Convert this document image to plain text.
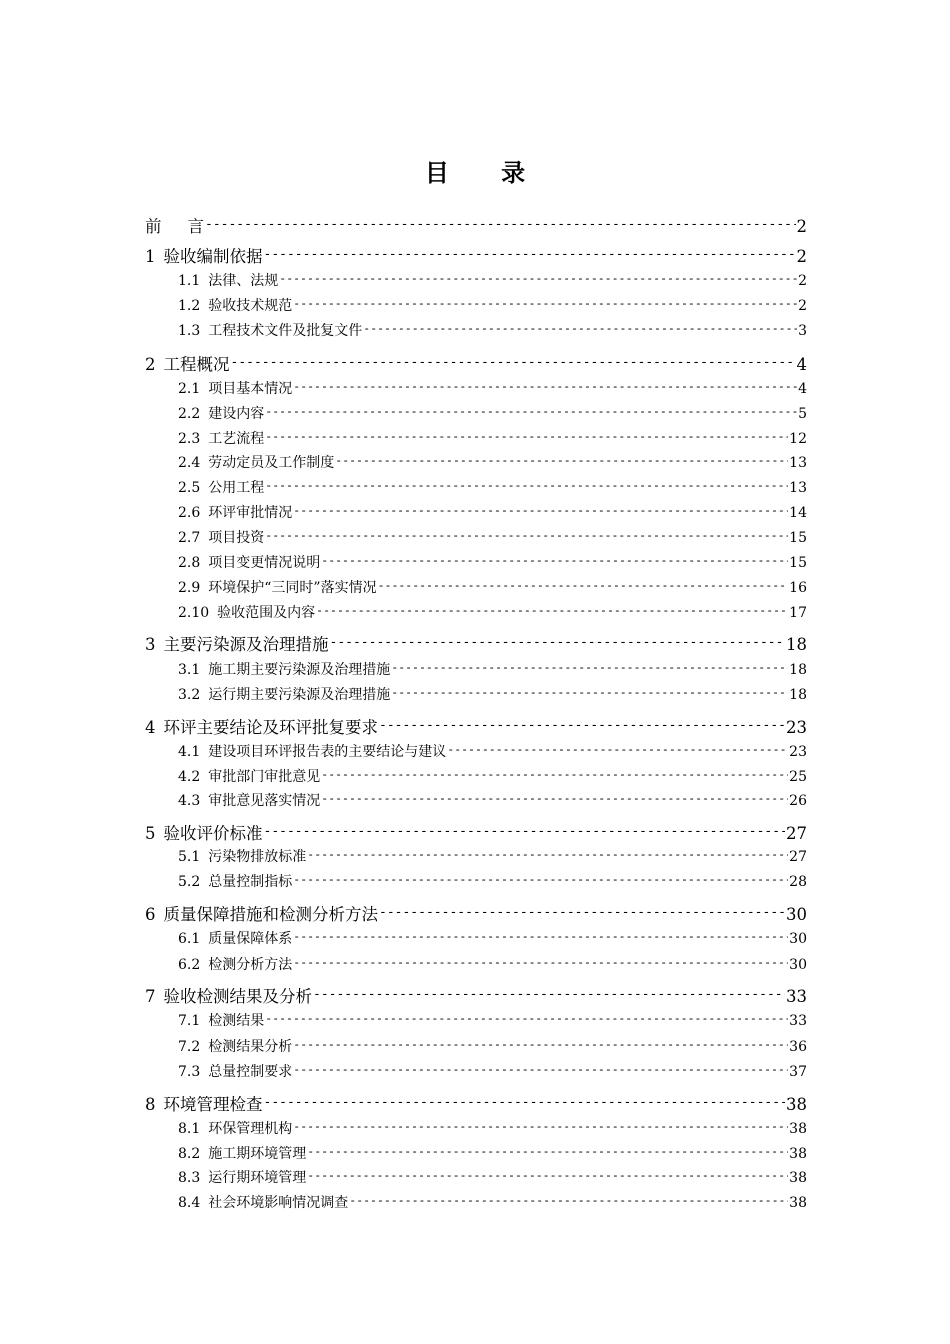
目 录
前 言 -----	2
1 验收编制依据 -----	2
1.1 法律、法规 -----	2
1.2 验收技术规范 -----	2
1.3 工程技术文件及批复文件 -----	3
2 工程概况 -----	4
2.1 项目基本情况 -----	4
2.2 建设内容 -----	5
2.3 工艺流程 -----	12
2.4 劳动定员及工作制度 -----	13
2.5 公用工程 -----	13
2.6 环评审批情况 -----	14
2.7 项目投资 -----	15
2.8 项目变更情况说明 -----	15
2.9 环境保护“三同时”落实情况 -----	16
2.10 验收范围及内容 -----	17
3 主要污染源及治理措施 -----	18
3.1 施工期主要污染源及治理措施 -----	18
3.2 运行期主要污染源及治理措施 -----	18
4 环评主要结论及环评批复要求 -----	23
4.1 建设项目环评报告表的主要结论与建议 -----	23
4.2 审批部门审批意见 -----	25
4.3 审批意见落实情况 -----	26
5 验收评价标准 -----	27
5.1 污染物排放标准 -----	27
5.2 总量控制指标 -----	28
6 质量保障措施和检测分析方法 -----	30
6.1 质量保障体系 -----	30
6.2 检测分析方法 -----	30
7 验收检测结果及分析 -----	33
7.1 检测结果 -----	33
7.2 检测结果分析 -----	36
7.3 总量控制要求 -----	37
8 环境管理检查 -----	38
8.1 环保管理机构 -----	38
8.2 施工期环境管理 -----	38
8.3 运行期环境管理 -----	38
8.4 社会环境影响情况调查 -----	38
